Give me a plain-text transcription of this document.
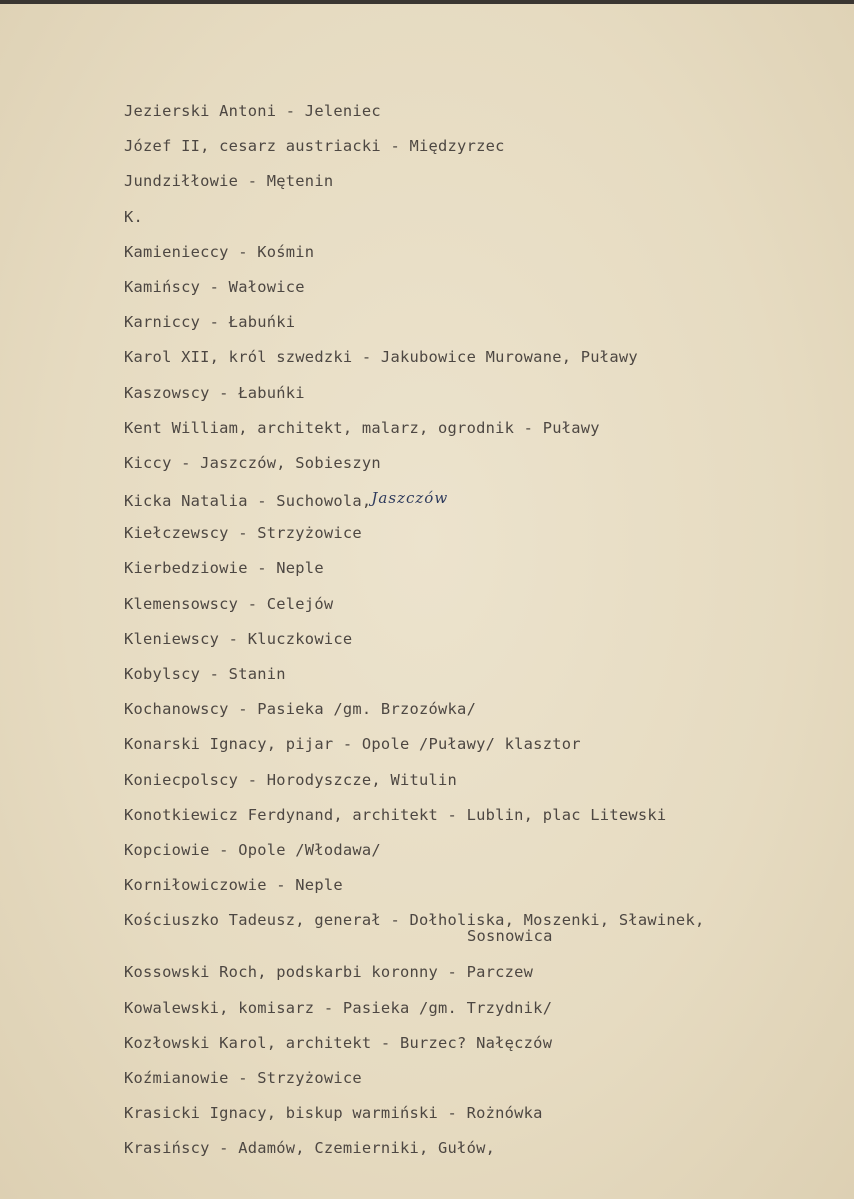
Jezierski Antoni - Jeleniec
Józef II, cesarz austriacki - Międzyrzec
Jundziłłowie - Mętenin
K.
Kamienieccy - Kośmin
Kamińscy - Wałowice
Karniccy - Łabuńki
Karol XII, król szwedzki - Jakubowice Murowane, Puławy
Kaszowscy - Łabuńki
Kent William, architekt, malarz, ogrodnik - Puławy
Kiccy - Jaszczów, Sobieszyn
Kicka Natalia - Suchowola,Jaszczów
Kiełczewscy - Strzyżowice
Kierbedziowie - Neple
Klemensowscy - Celejów
Kleniewscy - Kluczkowice
Kobylscy - Stanin
Kochanowscy - Pasieka /gm. Brzozówka/
Konarski Ignacy, pijar - Opole /Puławy/ klasztor
Koniecpolscy - Horodyszcze, Witulin
Konotkiewicz Ferdynand, architekt - Lublin, plac Litewski
Kopciowie - Opole /Włodawa/
Korniłowiczowie - Neple
Kościuszko Tadeusz, generał - Dołholiska, Moszenki, Sławinek,
Sosnowica
Kossowski Roch, podskarbi koronny - Parczew
Kowalewski, komisarz - Pasieka /gm. Trzydnik/
Kozłowski Karol, architekt - Burzec? Nałęczów
Koźmianowie - Strzyżowice
Krasicki Ignacy, biskup warmiński - Rożnówka
Krasińscy - Adamów, Czemierniki, Gułów,
